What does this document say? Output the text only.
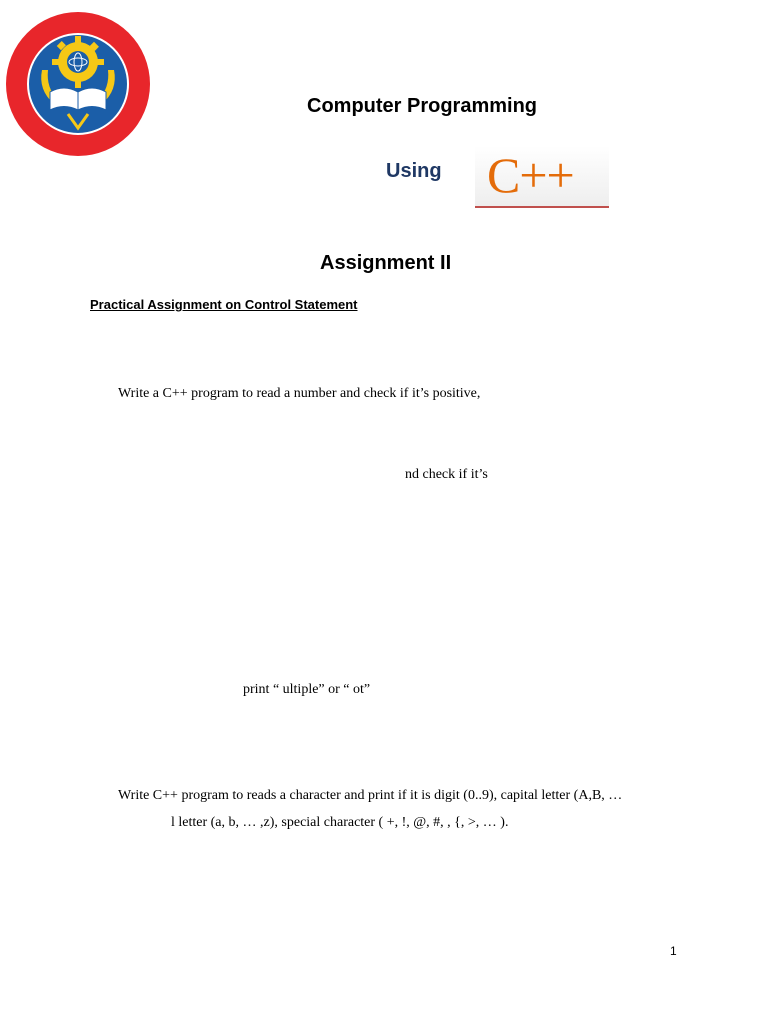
Computer Programming
Using C++
Assignment II
Practical Assignment on Control Statement
Write a C++ program to read a number and check if it’s positive,
nd check if it’s
print “ ultiple” or “ ot”
Write C++ program to reads a character and print if it is digit (0..9), capital letter (A,B, …
l letter (a, b, … ,z), special character ( +, !, @, #, , {, >, … ).
1
